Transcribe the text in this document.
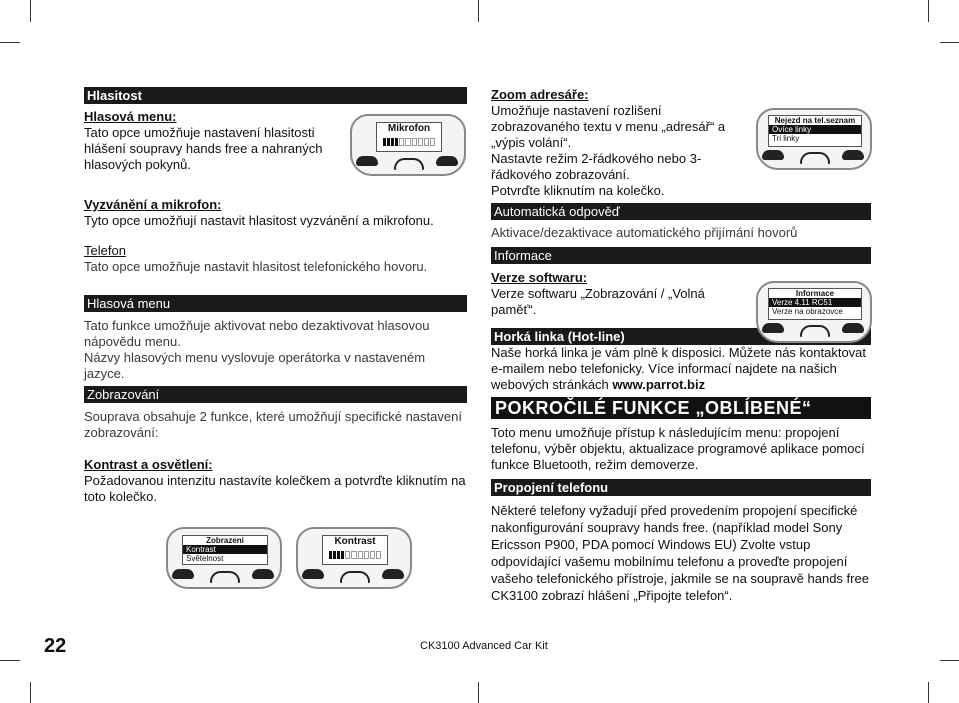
Hlasitost
Hlasová menu:

Tato opce umožňuje nastavení hlasitosti hlášení soupravy hands free a nahraných hlasových pokynů.

Vyzvánění a mikrofon:

Tyto opce umožňují nastavit hlasitost vyzvánění a mikrofonu.

Telefon

Tato opce umožňuje nastavit hlasitost telefonického hovoru.

Hlasová menu

Tato funkce umožňuje aktivovat nebo dezaktivovat hlasovou nápovědu menu.

Názvy hlasových menu vyslovuje operátorka v nastaveném jazyce.

Zobrazování

Souprava obsahuje 2 funkce, které umožňují specifické nastavení zobrazování:

Kontrast a osvětlení:

Požadovanou intenzitu nastavíte kolečkem a potvrďte kliknutím na toto kolečko.

Mikrofon
Zobrazeni
Kontrast
Světelnost
Kontrast
Zoom adresáře:

Umožňuje nastavení rozlišení zobrazovaného textu v menu „adresář“ a „výpis volání“.

Nastavte režim 2-řádkového nebo 3-řádkového zobrazování.

Potvrďte kliknutím na kolečko.

Automatická odpověď

Aktivace/dezaktivace automatického přijímání hovorů

Informace
Verze softwaru:

Verze softwaru „Zobrazování / „Volná paměť“.

Horká linka (Hot-line)

Naše horká linka je vám plně k disposici. Můžete nás kontaktovat e-mailem nebo telefonicky. Více informací najdete na našich webových stránkách www.parrot.biz

POKROČILÉ FUNKCE „OBLÍBENÉ“

Toto menu umožňuje přístup k následujícím menu: propojení telefonu, výběr objektu, aktualizace programové aplikace pomocí funkce Bluetooth, režim demoverze.

Propojení telefonu

Některé telefony vyžadují před provedením propojení specifické nakonfigurování soupravy hands free. (například model Sony Ericsson P900, PDA pomocí Windows EU) Zvolte vstup odpovídající vašemu mobilnímu telefonu a proveďte propojení vašeho telefonického přístroje, jakmile se na soupravě hands free CK3100 zobrazí hlášení „Připojte telefon“.

Nejezd na tel.seznam
Ovíce linky
Tri linky
Informace
Verze 4.11 RC51
Verze na obrazovce
22	CK3100 Advanced Car Kit
